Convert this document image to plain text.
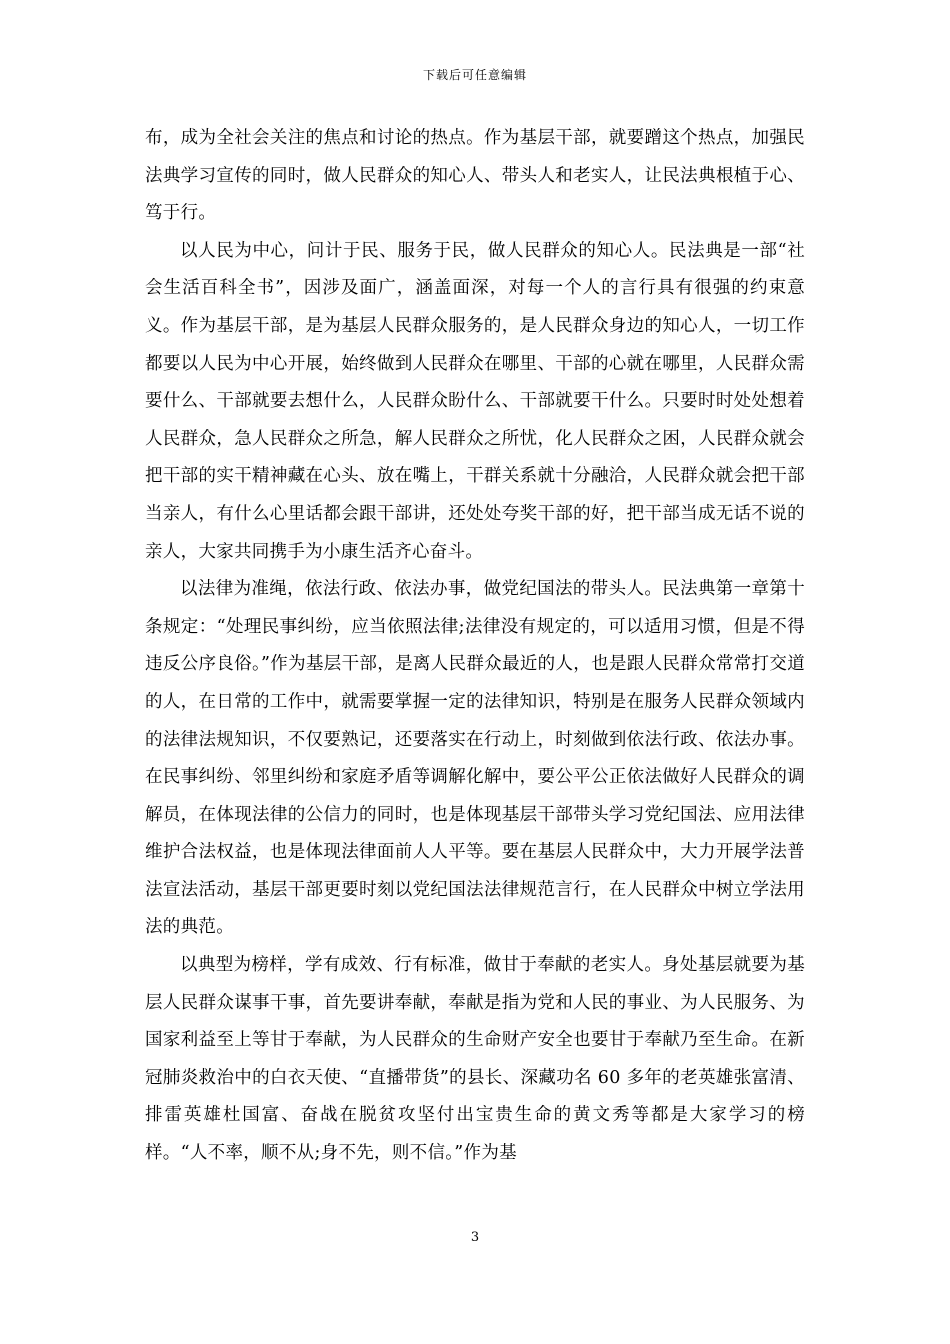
下载后可任意编辑

布，成为全社会关注的焦点和讨论的热点。作为基层干部，就要蹭这个热点，加强民法典学习宣传的同时，做人民群众的知心人、带头人和老实人，让民法典根植于心、笃于行。

以人民为中心，问计于民、服务于民，做人民群众的知心人。民法典是一部“社会生活百科全书”，因涉及面广，涵盖面深，对每一个人的言行具有很强的约束意义。作为基层干部，是为基层人民群众服务的，是人民群众身边的知心人，一切工作都要以人民为中心开展，始终做到人民群众在哪里、干部的心就在哪里，人民群众需要什么、干部就要去想什么，人民群众盼什么、干部就要干什么。只要时时处处想着人民群众，急人民群众之所急，解人民群众之所忧，化人民群众之困，人民群众就会把干部的实干精神藏在心头、放在嘴上，干群关系就十分融洽，人民群众就会把干部当亲人，有什么心里话都会跟干部讲，还处处夸奖干部的好，把干部当成无话不说的亲人，大家共同携手为小康生活齐心奋斗。

以法律为准绳，依法行政、依法办事，做党纪国法的带头人。民法典第一章第十条规定：“处理民事纠纷，应当依照法律;法律没有规定的，可以适用习惯，但是不得违反公序良俗。”作为基层干部，是离人民群众最近的人，也是跟人民群众常常打交道的人，在日常的工作中，就需要掌握一定的法律知识，特别是在服务人民群众领域内的法律法规知识，不仅要熟记，还要落实在行动上，时刻做到依法行政、依法办事。在民事纠纷、邻里纠纷和家庭矛盾等调解化解中，要公平公正依法做好人民群众的调解员，在体现法律的公信力的同时，也是体现基层干部带头学习党纪国法、应用法律维护合法权益，也是体现法律面前人人平等。要在基层人民群众中，大力开展学法普法宣法活动，基层干部更要时刻以党纪国法法律规范言行，在人民群众中树立学法用法的典范。

以典型为榜样，学有成效、行有标准，做甘于奉献的老实人。身处基层就要为基层人民群众谋事干事，首先要讲奉献，奉献是指为党和人民的事业、为人民服务、为国家利益至上等甘于奉献，为人民群众的生命财产安全也要甘于奉献乃至生命。在新冠肺炎救治中的白衣天使、“直播带货”的县长、深藏功名 60 多年的老英雄张富清、排雷英雄杜国富、奋战在脱贫攻坚付出宝贵生命的黄文秀等都是大家学习的榜样。“人不率，顺不从;身不先，则不信。”作为基

3
